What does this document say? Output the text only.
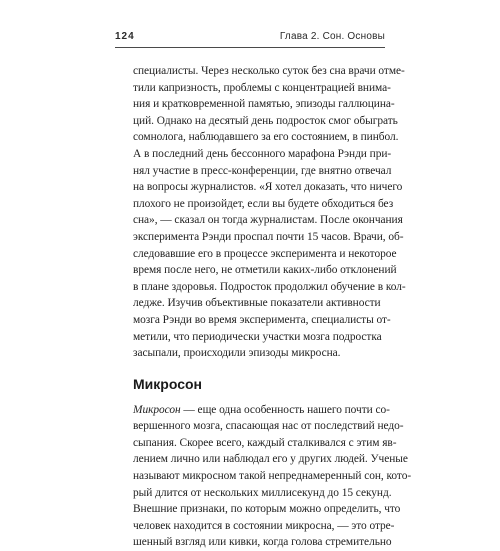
124	Глава 2. Сон. Основы
специалисты. Через несколько суток без сна врачи отме-
тили капризность, проблемы с концентрацией внима-
ния и кратковременной памятью, эпизоды галлюцина-
ций. Однако на десятый день подросток смог обыграть
сомнолога, наблюдавшего за его состоянием, в пинбол.
А в последний день бессонного марафона Рэнди при-
нял участие в пресс-конференции, где внятно отвечал
на вопросы журналистов. «Я хотел доказать, что ничего
плохого не произойдет, если вы будете обходиться без
сна», — сказал он тогда журналистам. После окончания
эксперимента Рэнди проспал почти 15 часов. Врачи, об-
следовавшие его в процессе эксперимента и некоторое
время после него, не отметили каких-либо отклонений
в плане здоровья. Подросток продолжил обучение в кол-
ледже. Изучив объективные показатели активности
мозга Рэнди во время эксперимента, специалисты от-
метили, что периодически участки мозга подростка
засыпали, происходили эпизоды микросна.
Микросон
Микросон — еще одна особенность нашего почти со-
вершенного мозга, спасающая нас от последствий недо-
сыпания. Скорее всего, каждый сталкивался с этим яв-
лением лично или наблюдал его у других людей. Ученые
называют микросном такой непреднамеренный сон, кото-
рый длится от нескольких миллисекунд до 15 секунд.
Внешние признаки, по которым можно определить, что
человек находится в состоянии микросна, — это отре-
шенный взгляд или кивки, когда голова стремительно
